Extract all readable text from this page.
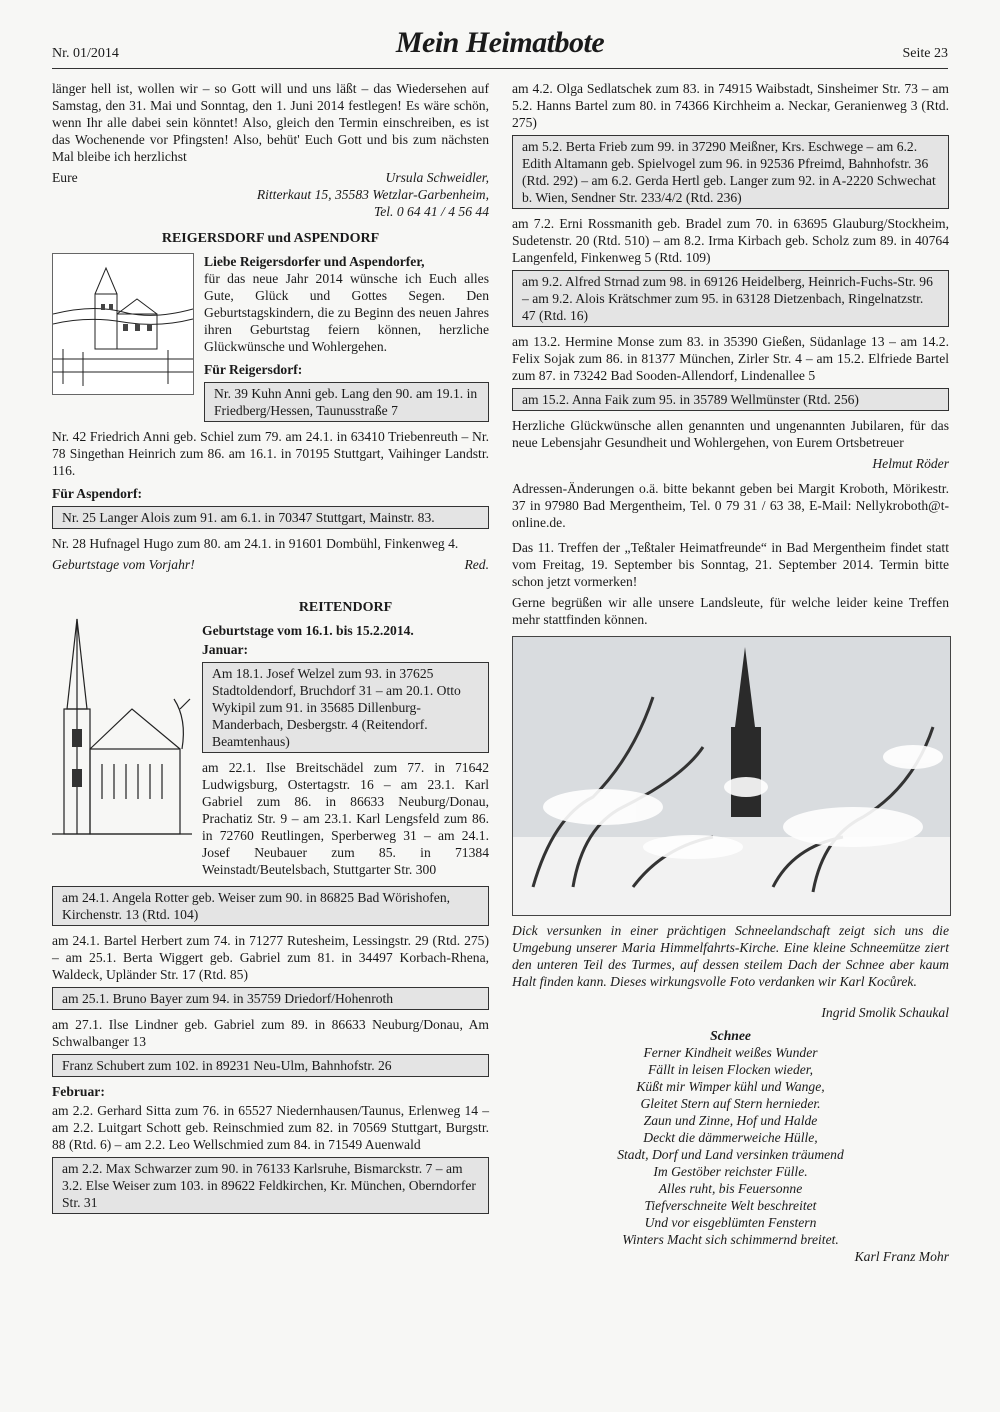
Nr. 01/2014	Mein Heimatbote	Seite 23

länger hell ist, wollen wir – so Gott will und uns läßt – das Wiedersehen auf Samstag, den 31. Mai und Sonntag, den 1. Juni 2014 festlegen! Es wäre schön, wenn Ihr alle dabei sein könntet! Also, gleich den Termin einschreiben, es ist das Wochenende vor Pfingsten! Also, behüt' Euch Gott und bis zum nächsten Mal bleibe ich herzlichst

Eure	Ursula Schweidler,
Ritterkaut 15, 35583 Wetzlar-Garbenheim,
Tel. 0 64 41 / 4 56 44
REIGERSDORF und ASPENDORF
Liebe Reigersdorfer und Aspendorfer,

für das neue Jahr 2014 wünsche ich Euch alles Gute, Glück und Gottes Segen. Den Geburtstagskindern, die zu Beginn des neuen Jahres ihren Geburtstag feiern können, herzliche Glückwünsche und Wohlergehen.

Für Reigersdorf:
Nr. 39 Kuhn Anni geb. Lang den 90. am 19.1. in Friedberg/Hessen, Taunusstraße 7

Nr. 42 Friedrich Anni geb. Schiel zum 79. am 24.1. in 63410 Triebenreuth – Nr. 78 Singethan Heinrich zum 86. am 16.1. in 70195 Stuttgart, Vaihinger Landstr. 116.

Für Aspendorf:
Nr. 25 Langer Alois zum 91. am 6.1. in 70347 Stuttgart, Mainstr. 83.

Nr. 28 Hufnagel Hugo zum 80. am 24.1. in 91601 Dombühl, Finkenweg 4.

Geburtstage vom Vorjahr!	Red.
REITENDORF
Geburtstage vom 16.1. bis 15.2.2014.
Januar:
Am 18.1. Josef Welzel zum 93. in 37625 Stadtoldendorf, Bruchdorf 31 – am 20.1. Otto Wykipil zum 91. in 35685 Dillenburg-Manderbach, Desbergstr. 4 (Reitendorf. Beamtenhaus)

am 22.1. Ilse Breitschädel zum 77. in 71642 Ludwigsburg, Ostertagstr. 16 – am 23.1. Karl Gabriel zum 86. in 86633 Neuburg/Donau, Prachatiz Str. 9 – am 23.1. Karl Lengsfeld zum 86. in 72760 Reutlingen, Sperberweg 31 – am 24.1. Josef Neubauer zum 85. in 71384 Weinstadt/Beutelsbach, Stuttgarter Str. 300

am 24.1. Angela Rotter geb. Weiser zum 90. in 86825 Bad Wörishofen, Kirchenstr. 13 (Rtd. 104)

am 24.1. Bartel Herbert zum 74. in 71277 Rutesheim, Lessingstr. 29 (Rtd. 275) – am 25.1. Berta Wiggert geb. Gabriel zum 81. in 34497 Korbach-Rhena, Waldeck, Upländer Str. 17 (Rtd. 85)

am 25.1. Bruno Bayer zum 94. in 35759 Driedorf/Hohenroth

am 27.1. Ilse Lindner geb. Gabriel zum 89. in 86633 Neuburg/Donau, Am Schwalbanger 13

Franz Schubert zum 102. in 89231 Neu-Ulm, Bahnhofstr. 26
Februar:

am 2.2. Gerhard Sitta zum 76. in 65527 Niedernhausen/Taunus, Erlenweg 14 – am 2.2. Luitgart Schott geb. Reinschmied zum 82. in 70569 Stuttgart, Burgstr. 88 (Rtd. 6) – am 2.2. Leo Wellschmied zum 84. in 71549 Auenwald

am 2.2. Max Schwarzer zum 90. in 76133 Karlsruhe, Bismarckstr. 7 – am 3.2. Else Weiser zum 103. in 89622 Feldkirchen, Kr. München, Oberndorfer Str. 31

am 4.2. Olga Sedlatschek zum 83. in 74915 Waibstadt, Sinsheimer Str. 73 – am 5.2. Hanns Bartel zum 80. in 74366 Kirchheim a. Neckar, Geranienweg 3 (Rtd. 275)

am 5.2. Berta Frieb zum 99. in 37290 Meißner, Krs. Eschwege – am 6.2. Edith Altamann geb. Spielvogel zum 96. in 92536 Pfreimd, Bahnhofstr. 36 (Rtd. 292) – am 6.2. Gerda Hertl geb. Langer zum 92. in A-2220 Schwechat b. Wien, Sendner Str. 233/4/2 (Rtd. 236)

am 7.2. Erni Rossmanith geb. Bradel zum 70. in 63695 Glauburg/Stockheim, Sudetenstr. 20 (Rtd. 510) – am 8.2. Irma Kirbach geb. Scholz zum 89. in 40764 Langenfeld, Finkenweg 5 (Rtd. 109)

am 9.2. Alfred Strnad zum 98. in 69126 Heidelberg, Heinrich-Fuchs-Str. 96 – am 9.2. Alois Krätschmer zum 95. in 63128 Dietzenbach, Ringelnatzstr. 47 (Rtd. 16)

am 13.2. Hermine Monse zum 83. in 35390 Gießen, Südanlage 13 – am 14.2. Felix Sojak zum 86. in 81377 München, Zirler Str. 4 – am 15.2. Elfriede Bartel zum 87. in 73242 Bad Sooden-Allendorf, Lindenallee 5

am 15.2. Anna Faik zum 95. in 35789 Wellmünster (Rtd. 256)

Herzliche Glückwünsche allen genannten und ungenannten Jubilaren, für das neue Lebensjahr Gesundheit und Wohlergehen, von Eurem Ortsbetreuer

Helmut Röder

Adressen-Änderungen o.ä. bitte bekannt geben bei Margit Kroboth, Mörikestr. 37 in 97980 Bad Mergentheim, Tel. 0 79 31 / 63 38, E-Mail: Nellykroboth@t-online.de.

Das 11. Treffen der „Teßtaler Heimatfreunde“ in Bad Mergentheim findet statt vom Freitag, 19. September bis Sonntag, 21. September 2014. Termin bitte schon jetzt vormerken!

Gerne begrüßen wir alle unsere Landsleute, für welche leider keine Treffen mehr stattfinden können.

Dick versunken in einer prächtigen Schneelandschaft zeigt sich uns die Umgebung unserer Maria Himmelfahrts-Kirche. Eine kleine Schneemütze ziert den unteren Teil des Turmes, auf dessen steilem Dach der Schnee aber kaum Halt finden kann. Dieses wirkungsvolle Foto verdanken wir Karl Kocůrek.
Ingrid Smolik Schaukal
Schnee
Ferner Kindheit weißes Wunder
Fällt in leisen Flocken wieder,
Küßt mir Wimper kühl und Wange,
Gleitet Stern auf Stern hernieder.
Zaun und Zinne, Hof und Halde
Deckt die dämmerweiche Hülle,
Stadt, Dorf und Land versinken träumend
Im Gestöber reichster Fülle.
Alles ruht, bis Feuersonne
Tiefverschneite Welt beschreitet
Und vor eisgeblümten Fenstern
Winters Macht sich schimmernd breitet.
Karl Franz Mohr
